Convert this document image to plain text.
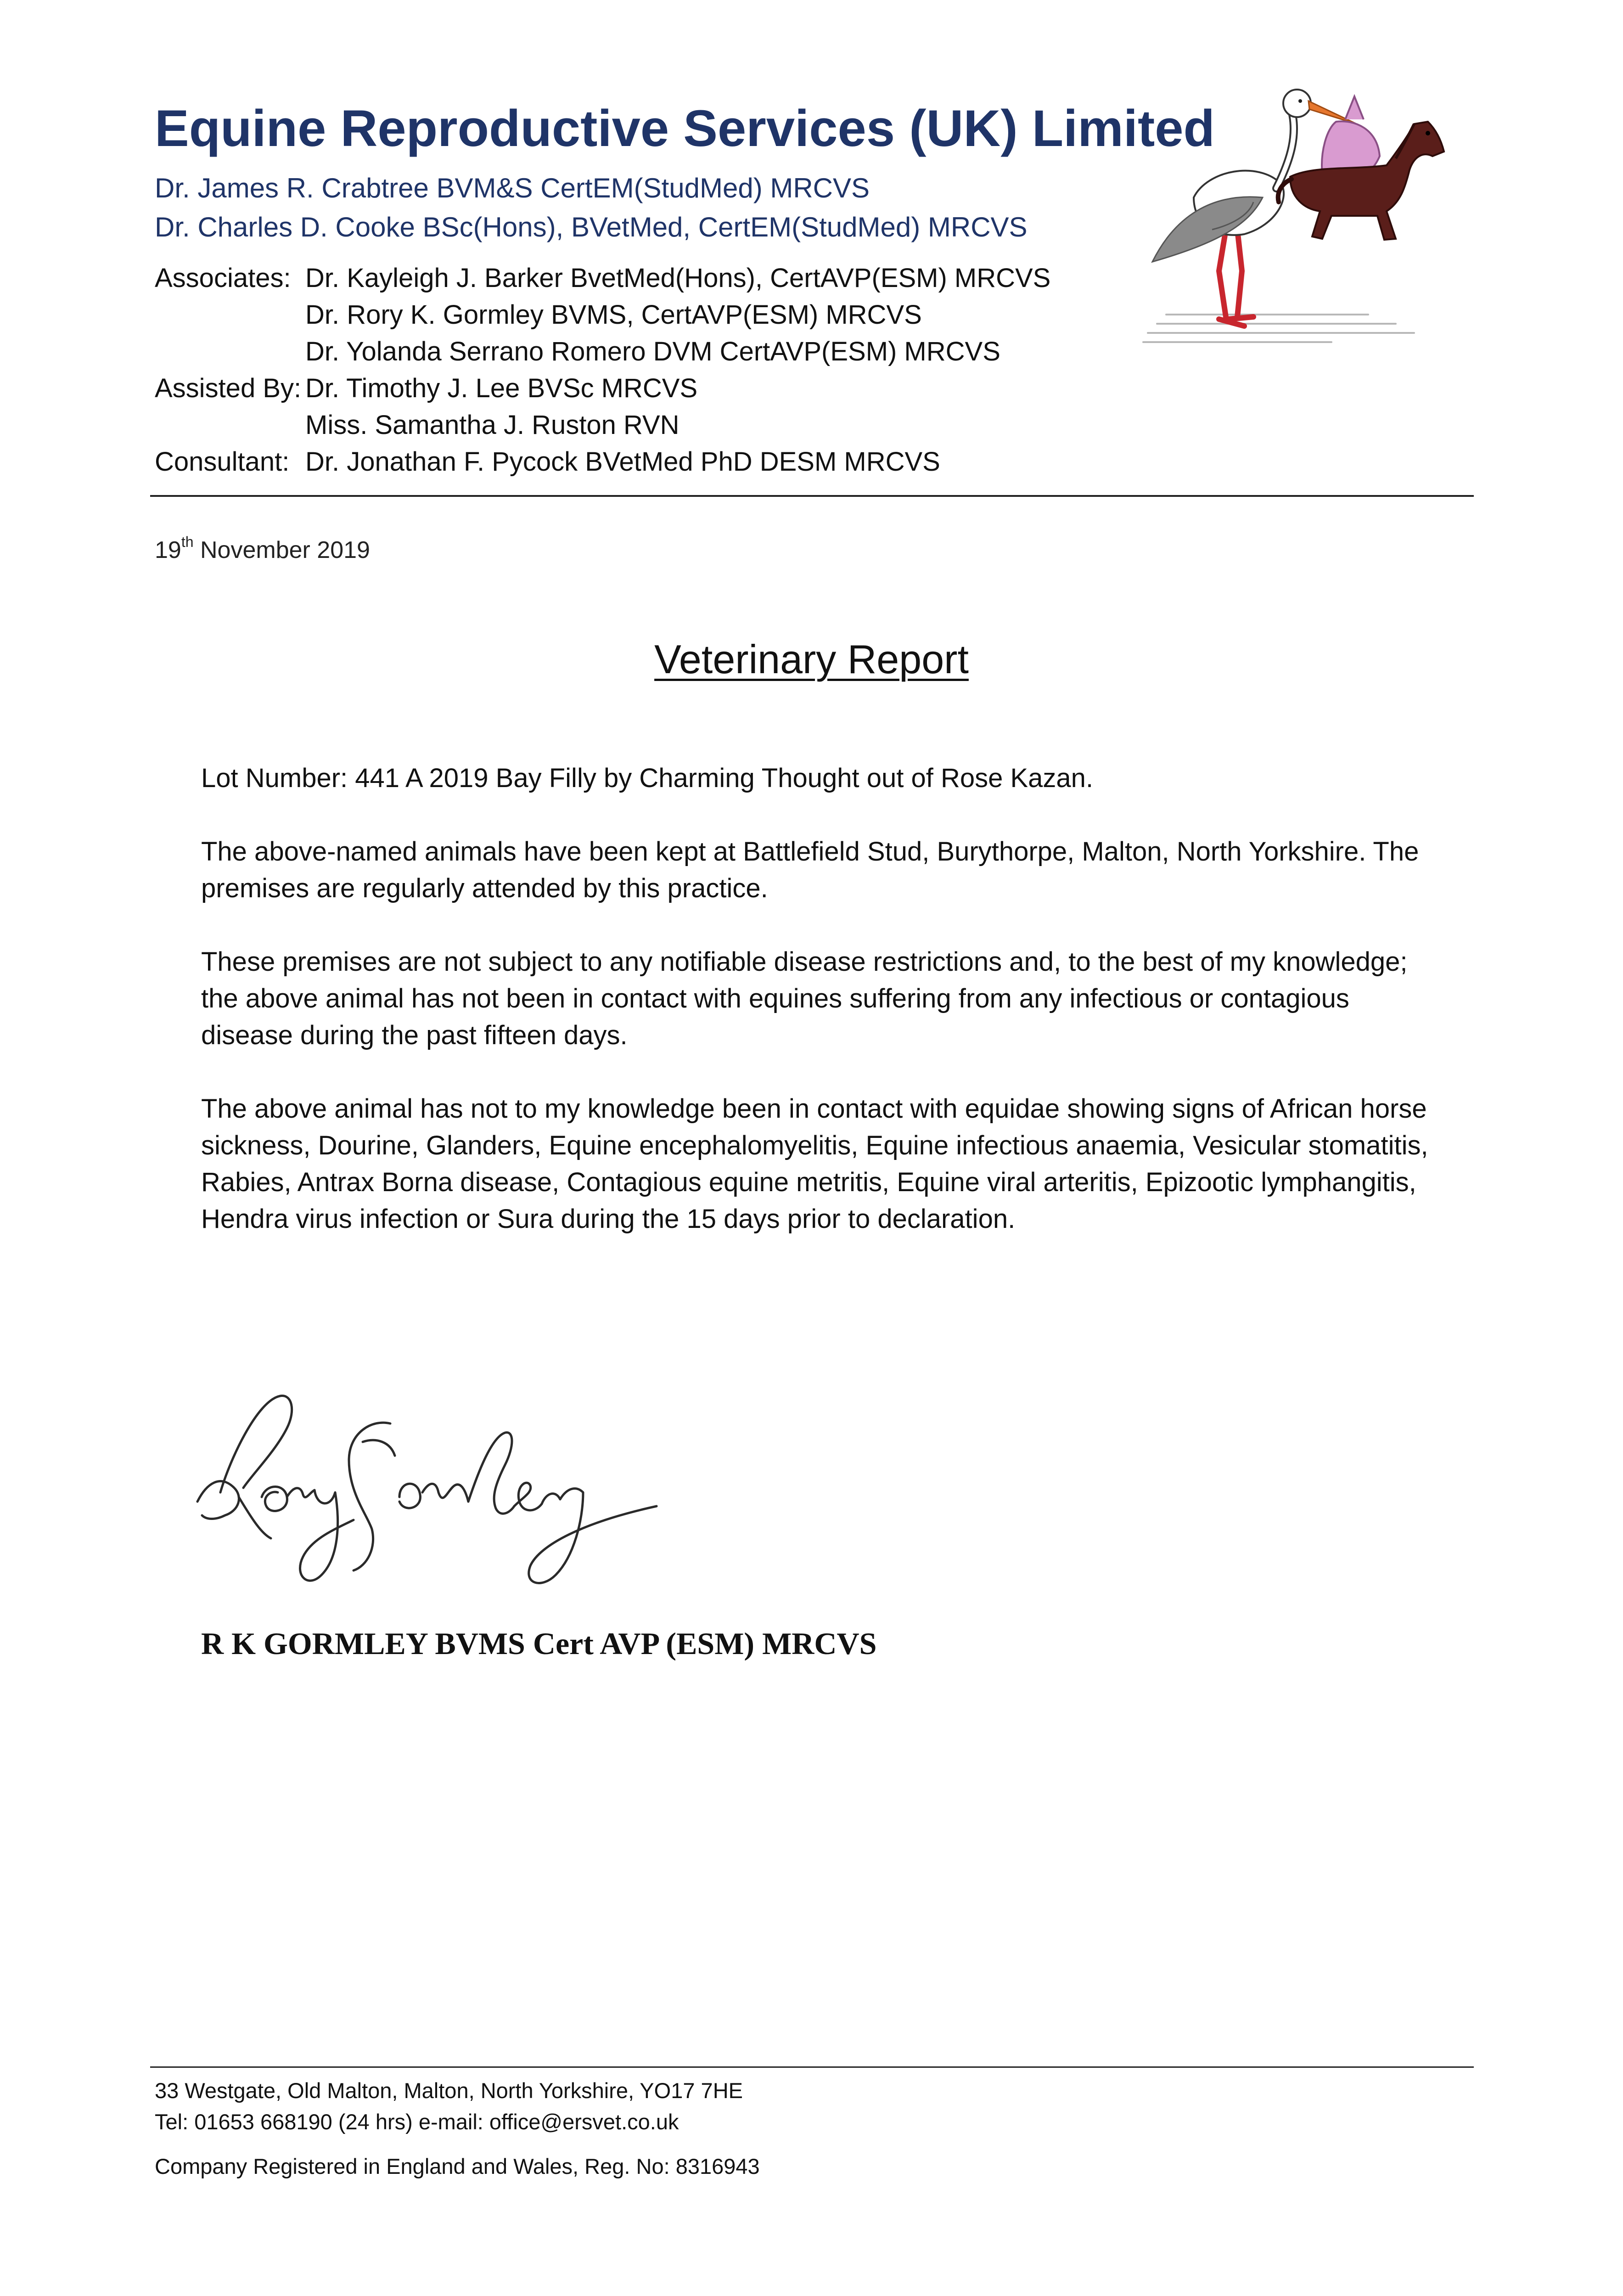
Equine Reproductive Services (UK) Limited
Dr. James R. Crabtree BVM&S CertEM(StudMed) MRCVS
Dr. Charles D. Cooke BSc(Hons), BVetMed, CertEM(StudMed) MRCVS
Associates: Dr. Kayleigh J. Barker BvetMed(Hons), CertAVP(ESM) MRCVS
Dr. Rory K. Gormley BVMS, CertAVP(ESM) MRCVS
Dr. Yolanda Serrano Romero DVM CertAVP(ESM) MRCVS
Assisted By: Dr. Timothy J. Lee BVSc MRCVS
Miss. Samantha J. Ruston RVN
Consultant: Dr. Jonathan F. Pycock BVetMed PhD DESM MRCVS
19th November 2019
Veterinary Report
Lot Number: 441 A 2019 Bay Filly by Charming Thought out of Rose Kazan.
The above-named animals have been kept at Battlefield Stud, Burythorpe, Malton, North Yorkshire. The premises are regularly attended by this practice.
These premises are not subject to any notifiable disease restrictions and, to the best of my knowledge; the above animal has not been in contact with equines suffering from any infectious or contagious disease during the past fifteen days.
The above animal has not to my knowledge been in contact with equidae showing signs of African horse sickness, Dourine, Glanders, Equine encephalomyelitis, Equine infectious anaemia, Vesicular stomatitis, Rabies, Antrax Borna disease, Contagious equine metritis, Equine viral arteritis, Epizootic lymphangitis, Hendra virus infection or Sura during the 15 days prior to declaration.
R K GORMLEY BVMS Cert AVP (ESM) MRCVS
33 Westgate, Old Malton, Malton, North Yorkshire, YO17 7HE
Tel: 01653 668190 (24 hrs) e-mail: office@ersvet.co.uk
Company Registered in England and Wales, Reg. No: 8316943
